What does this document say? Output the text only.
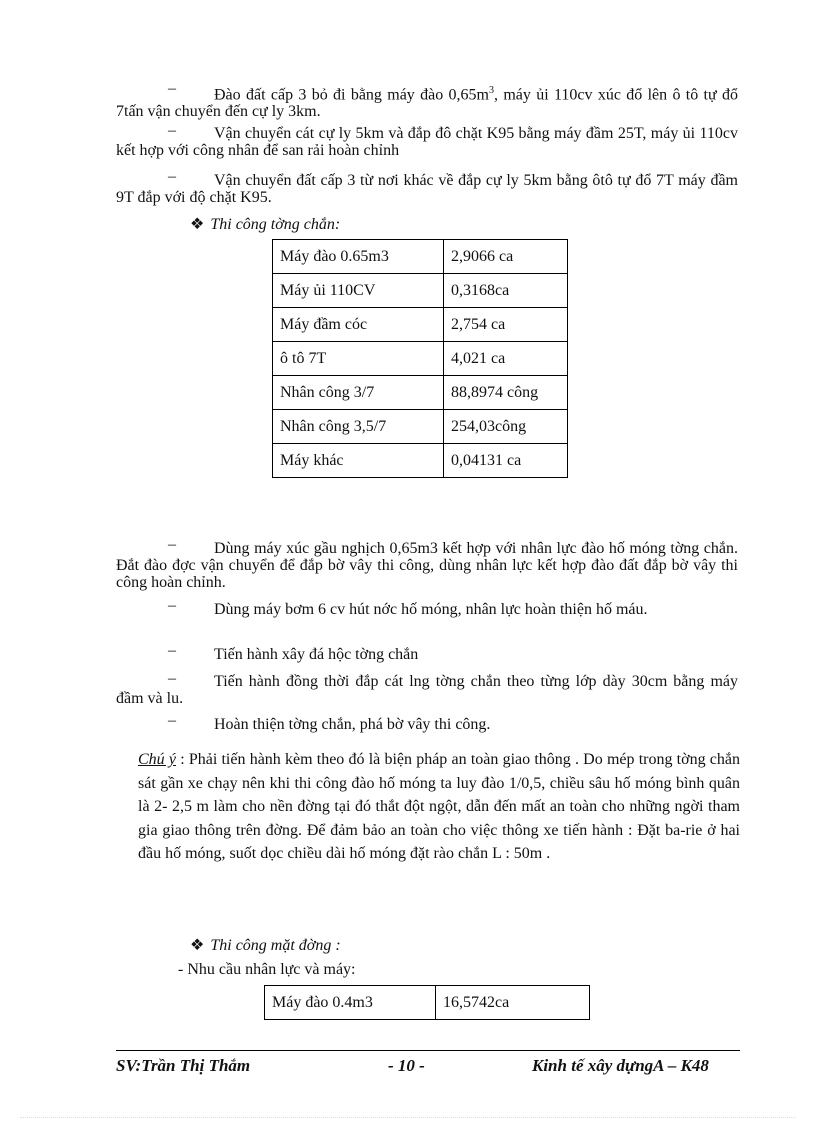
–	Đào đất cấp 3 bỏ đi bằng máy đào $0,65m^3$, máy ủi 110cv xúc đổ lên ô tô tự đổ 7tấn vận chuyển đến cự ly 3km.
–	Vận chuyển cát cự ly 5km và đắp đô chặt K95 bằng máy đầm 25T, máy ủi 110cv kết hợp với công nhân để san rải hoàn chỉnh
–	Vận chuyển đất cấp 3 từ nơi khác về đắp cự ly 5km bằng ôtô tự đổ 7T máy đầm 9T đắp với độ chặt K95.
❖ Thi công tờng chắn:
Máy đào 0.65m3	2,9066 ca
Máy ủi 110CV	0,3168ca
Máy đầm cóc	2,754 ca
ô tô 7T	4,021 ca
Nhân công 3/7	88,8974 công
Nhân công 3,5/7	254,03công
Máy khác	0,04131 ca
–	Dùng máy xúc gầu nghịch 0,65m3 kết hợp với nhân lực đào hố móng tờng chắn. Đắt đào đợc vận chuyển để đắp bờ vây thi công, dùng nhân lực kết hợp đào đất đắp bờ vây thi công hoàn chỉnh.
–	Dùng máy bơm 6 cv hút nớc hố móng, nhân lực hoàn thiện hố máu.
–	Tiến hành xây đá hộc tờng chắn
–	Tiến hành đồng thời đắp cát lng tờng chắn theo từng lớp dày 30cm bằng máy đầm và lu.
–	Hoàn thiện tờng chắn, phá bờ vây thi công.
Chú ý : Phải tiến hành kèm theo đó là biện pháp an toàn giao thông . Do mép trong tờng chắn sát gần xe chạy nên khi thi công đào hố móng ta luy đào 1/0,5, chiều sâu hố móng bình quân là 2- 2,5 m làm cho nền đờng tại đó thắt đột ngột, dẫn đến mất an toàn cho những ngời tham gia giao thông trên đờng. Để đảm bảo an toàn cho việc thông xe tiến hành : Đặt ba-rie ở hai đầu hố móng, suốt dọc chiều dài hố móng đặt rào chắn L : 50m .
❖ Thi công mặt đờng :
- Nhu cầu nhân lực và máy:
Máy đào 0.4m3	16,5742ca
SV:Trần Thị Thắm	- 10 -	Kinh tế xây dựngA – K48
